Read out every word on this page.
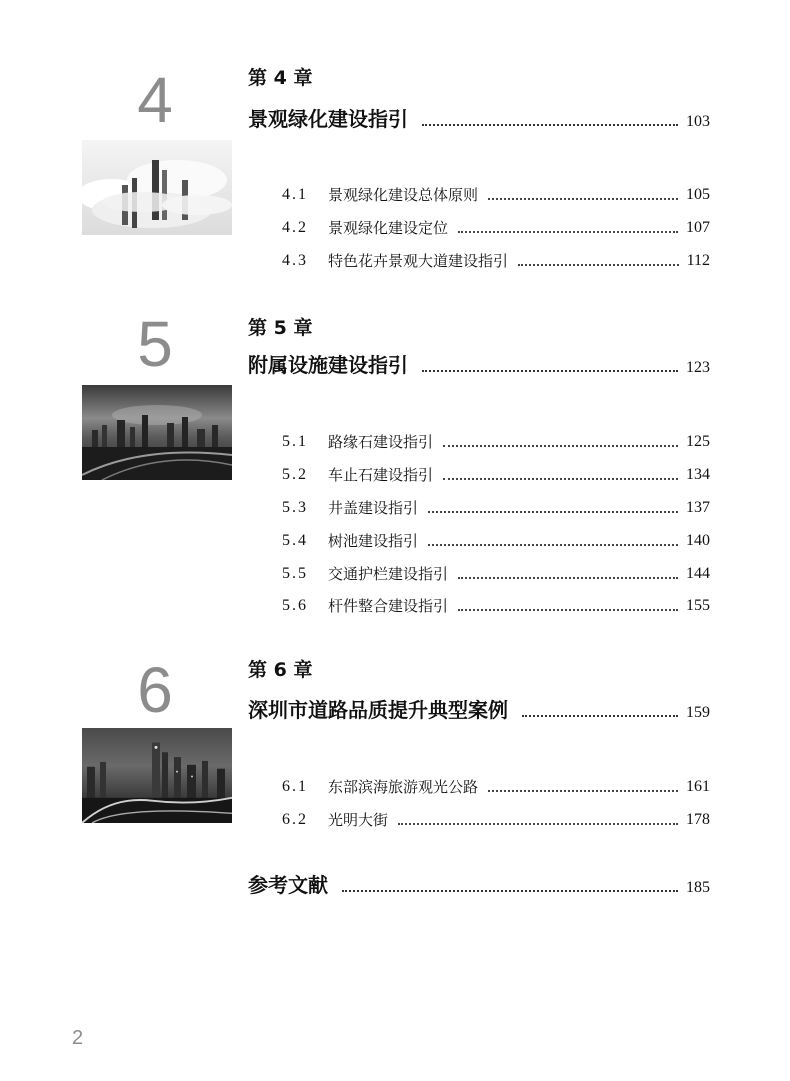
4	第 4 章
景观绿化建设指引	103
4.1	景观绿化建设总体原则	105
4.2	景观绿化建设定位	107
4.3	特色花卉景观大道建设指引	112
5	第 5 章
附属设施建设指引	123
5.1	路缘石建设指引	125
5.2	车止石建设指引	134
5.3	井盖建设指引	137
5.4	树池建设指引	140
5.5	交通护栏建设指引	144
5.6	杆件整合建设指引	155
6	第 6 章
深圳市道路品质提升典型案例	159
6.1	东部滨海旅游观光公路	161
6.2	光明大街	178
参考文献	185
2
